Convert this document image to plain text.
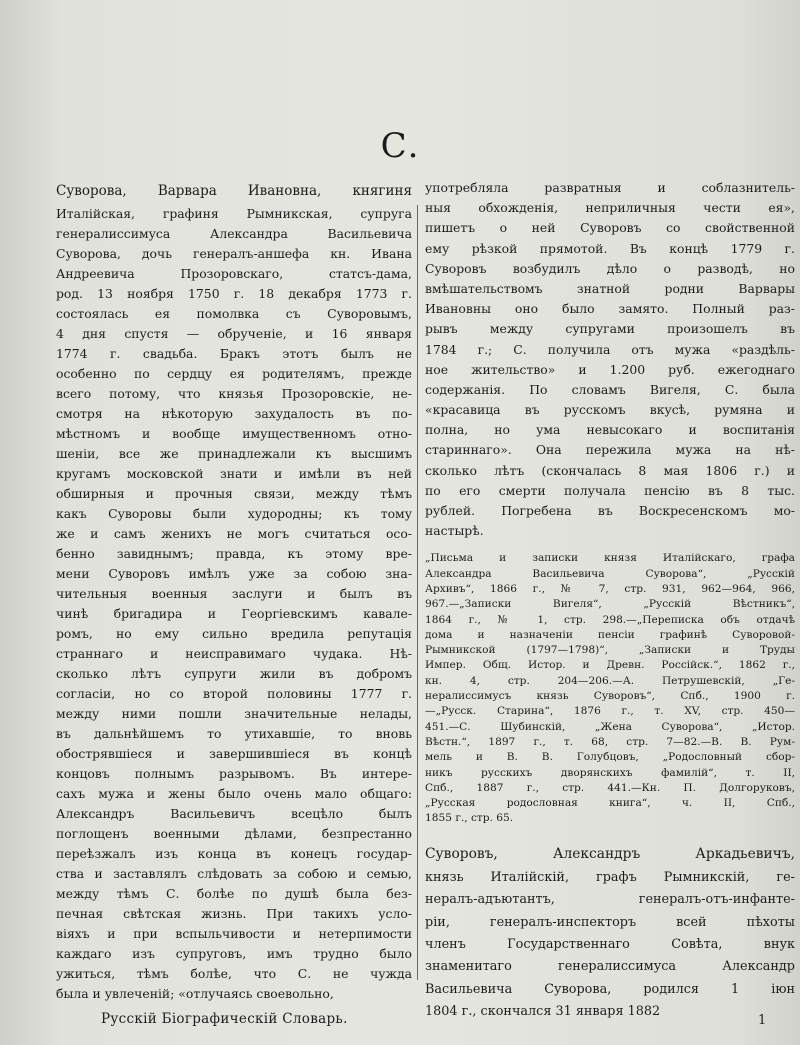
С.
Суворова, Варвара Ивановна, княгиня
Италійская, графиня Рымникская, супруга
генералиссимуса Александра Васильевича
Суворова, дочь генералъ-аншефа кн. Ивана
Андреевича Прозоровскаго, статсъ-дама,
род. 13 ноября 1750 г. 18 декабря 1773 г.
состоялась ея помолвка съ Суворовымъ,
4 дня спустя — обрученіе, и 16 января
1774 г. свадьба. Бракъ этотъ былъ не
особенно по сердцу ея родителямъ, прежде
всего потому, что князья Прозоровскіе, не-
смотря на нѣкоторую захудалость въ по-
мѣстномъ и вообще имущественномъ отно-
шеніи, все же принадлежали къ высшимъ
кругамъ московской знати и имѣли въ ней
обширныя и прочныя связи, между тѣмъ
какъ Суворовы были худородны; къ тому
же и самъ женихъ не могъ считаться осо-
бенно завиднымъ; правда, къ этому вре-
мени Суворовъ имѣлъ уже за собою зна-
чительныя военныя заслуги и былъ въ
чинѣ бригадира и Георгіевскимъ кавале-
ромъ, но ему сильно вредила репутація
страннаго и неисправимаго чудака. Нѣ-
сколько лѣтъ супруги жили въ добромъ
согласіи, но со второй половины 1777 г.
между ними пошли значительные нелады,
въ дальнѣйшемъ то утихавшіе, то вновь
обострявшіеся и завершившіеся въ концѣ
концовъ полнымъ разрывомъ. Въ интере-
сахъ мужа и жены было очень мало общаго:
Александръ Васильевичъ всецѣло былъ
поглощенъ военными дѣлами, безпрестанно
переѣзжалъ изъ конца въ конецъ государ-
ства и заставлялъ слѣдовать за собою и семью,
между тѣмъ С. болѣе по душѣ была без-
печная свѣтская жизнь. При такихъ усло-
віяхъ и при вспыльчивости и нетерпимости
каждаго изъ супруговъ, имъ трудно было
ужиться, тѣмъ болѣе, что С. не чужда
была и увлеченій; «отлучаясь своевольно,
употребляла развратныя и соблазнитель-
ныя обхожденія, неприличныя чести ея»,
пишетъ о ней Суворовъ со свойственной
ему рѣзкой прямотой. Въ концѣ 1779 г.
Суворовъ возбудилъ дѣло о разводѣ, но
вмѣшательствомъ знатной родни Варвары
Ивановны оно было замято. Полный раз-
рывъ между супругами произошелъ въ
1784 г.; С. получила отъ мужа «раздѣль-
ное жительство» и 1.200 руб. ежегоднаго
содержанія. По словамъ Вигеля, С. была
«красавица въ русскомъ вкусѣ, румяна и
полна, но ума невысокаго и воспитанія
стариннаго». Она пережила мужа на нѣ-
сколько лѣтъ (скончалась 8 мая 1806 г.) и
по его смерти получала пенсію въ 8 тыс.
рублей. Погребена въ Воскресенскомъ мо-
настырѣ.
„Письма и записки князя Италійскаго, графа
Александра Васильевича Суворова“, „Русскій
Архивъ“, 1866 г., № 7, стр. 931, 962—964, 966,
967.—„Записки Вигеля“, „Русскій Вѣстникъ“,
1864 г., № 1, стр. 298.—„Переписка объ отдачѣ
дома и назначеніи пенсіи графинѣ Суворовой-
Рымникской (1797—1798)“, „Записки и Труды
Импер. Общ. Истор. и Древн. Россійск.“, 1862 г.,
кн. 4, стр. 204—206.—А. Петрушевскій, „Ге-
нералиссимусъ князь Суворовъ“, Спб., 1900 г.
—„Русск. Старина“, 1876 г., т. XV, стр. 450—
451.—С. Шубинскій, „Жена Суворова“, „Истор.
Вѣстн.“, 1897 г., т. 68, стр. 7—82.—В. В. Рум-
мель и В. В. Голубцовъ, „Родословный сбор-
никъ русскихъ дворянскихъ фамилій“, т. II,
Спб., 1887 г., стр. 441.—Кн. П. Долгоруковъ,
„Русская родословная книга“, ч. II, Спб.,
1855 г., стр. 65.
Суворовъ, Александръ Аркадьевичъ,
князь Италійскій, графъ Рымникскій, ге-
нералъ-адъютантъ, генералъ-отъ-инфанте-
ріи, генералъ-инспекторъ всей пѣхоты
членъ Государственнаго Совѣта, внук
знаменитаго генералиссимуса Александр
Васильевича Суворова, родился 1 іюн
1804 г., скончался 31 января 1882
Русскій Біографическій Словарь.	1
